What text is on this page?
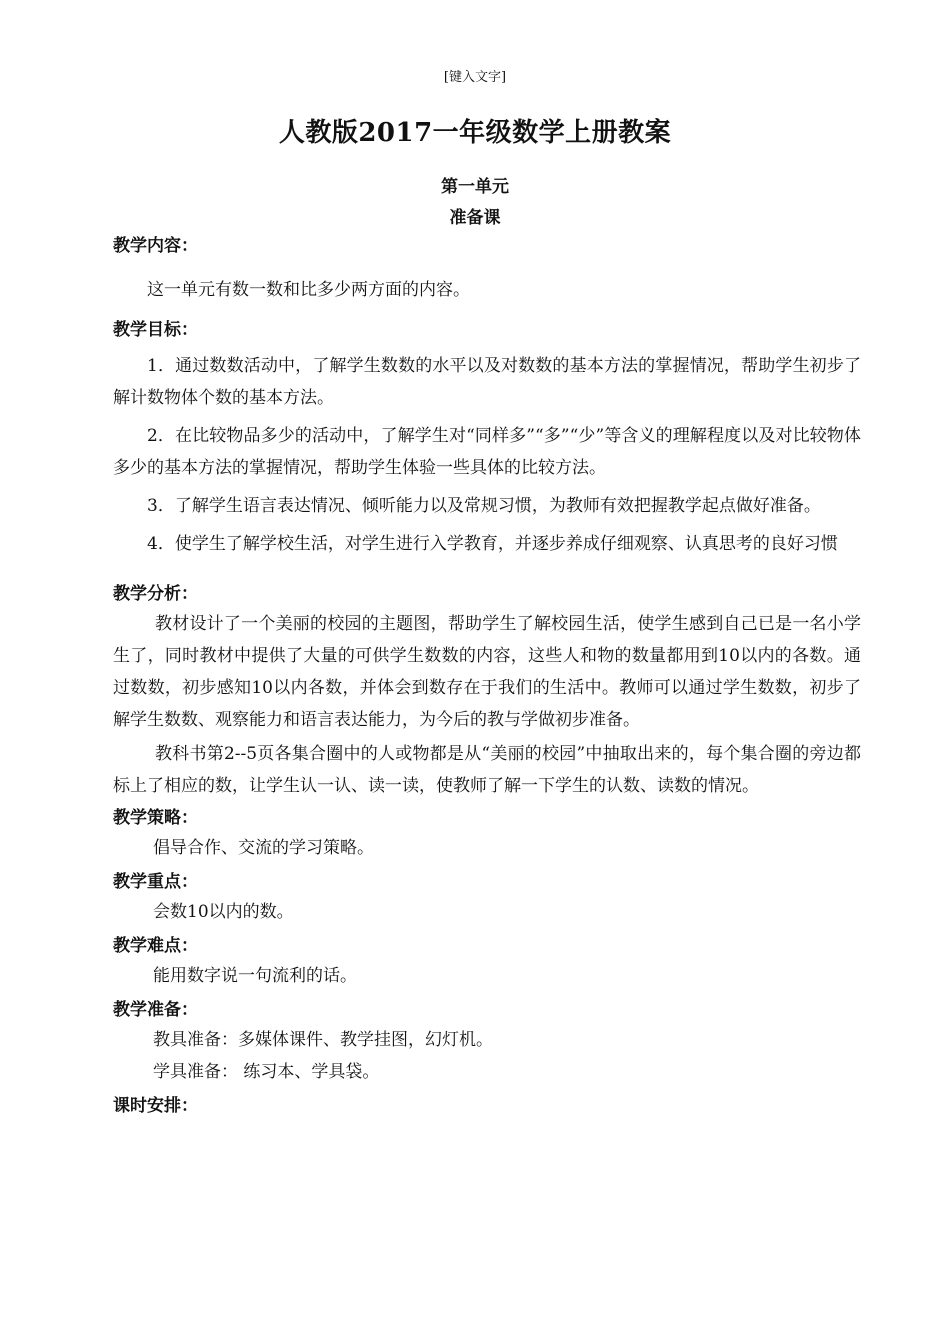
[键入文字]
人教版2017一年级数学上册教案
第一单元
准备课

教学内容：

这一单元有数一数和比多少两方面的内容。

教学目标：

1．通过数数活动中，了解学生数数的水平以及对数数的基本方法的掌握情况，帮助学生初步了解计数物体个数的基本方法。

2．在比较物品多少的活动中，了解学生对“同样多”“多”“少”等含义的理解程度以及对比较物体多少的基本方法的掌握情况，帮助学生体验一些具体的比较方法。

3．了解学生语言表达情况、倾听能力以及常规习惯，为教师有效把握教学起点做好准备。

4．使学生了解学校生活，对学生进行入学教育，并逐步养成仔细观察、认真思考的良好习惯

教学分析：

教材设计了一个美丽的校园的主题图，帮助学生了解校园生活，使学生感到自己已是一名小学生了，同时教材中提供了大量的可供学生数数的内容，这些人和物的数量都用到10以内的各数。通过数数，初步感知10以内各数，并体会到数存在于我们的生活中。教师可以通过学生数数，初步了解学生数数、观察能力和语言表达能力，为今后的教与学做初步准备。

教科书第2--5页各集合圈中的人或物都是从“美丽的校园”中抽取出来的，每个集合圈的旁边都标上了相应的数，让学生认一认、读一读，使教师了解一下学生的认数、读数的情况。

教学策略：

倡导合作、交流的学习策略。

教学重点：

会数10以内的数。

教学难点：

能用数字说一句流利的话。

教学准备：

教具准备：多媒体课件、教学挂图，幻灯机。

学具准备： 练习本、学具袋。

课时安排：
